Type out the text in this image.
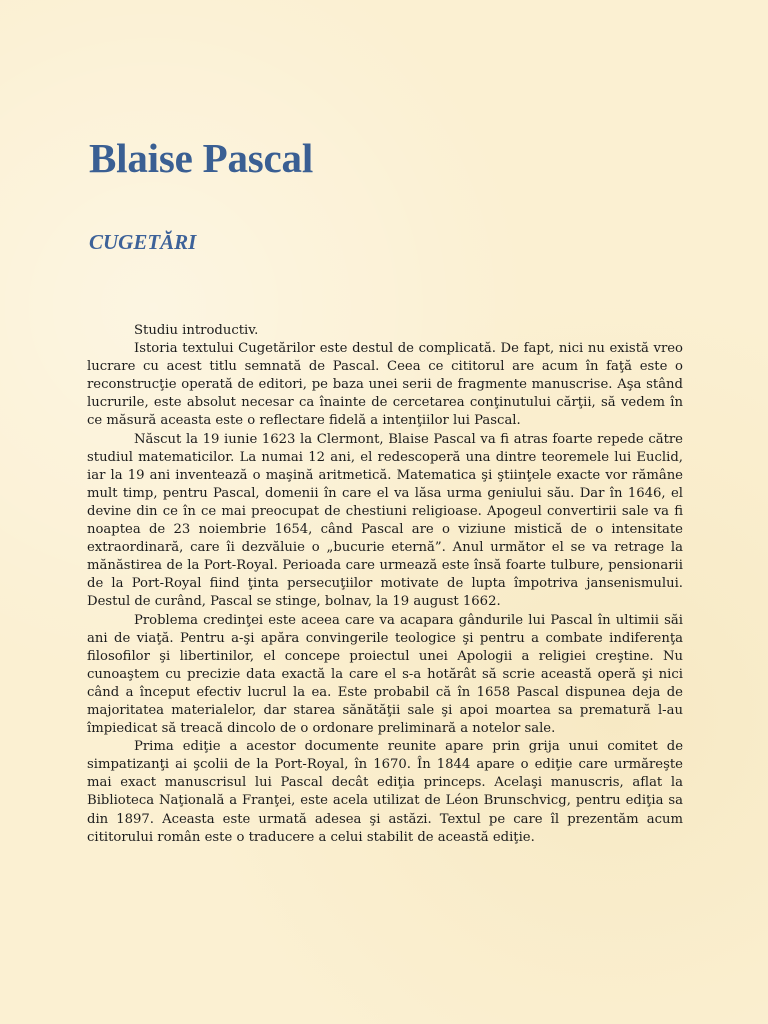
Blaise Pascal
CUGETĂRI

Studiu introductiv.

Istoria textului Cugetărilor este destul de complicată. De fapt, nici nu există vreo lucrare cu acest titlu semnată de Pascal. Ceea ce cititorul are acum în faţă este o reconstrucţie operată de editori, pe baza unei serii de fragmente manuscrise. Aşa stând lucrurile, este absolut necesar ca înainte de cercetarea conţinutului cărţii, să vedem în ce măsură aceasta este o reflectare fidelă a intenţiilor lui Pascal.

Născut la 19 iunie 1623 la Clermont, Blaise Pascal va fi atras foarte repede către studiul matematicilor. La numai 12 ani, el redescoperă una dintre teoremele lui Euclid, iar la 19 ani inventează o maşină aritmetică. Matematica şi ştiinţele exacte vor rămâne mult timp, pentru Pascal, domenii în care el va lăsa urma geniului său. Dar în 1646, el devine din ce în ce mai preocupat de chestiuni religioase. Apogeul convertirii sale va fi noaptea de 23 noiembrie 1654, când Pascal are o viziune mistică de o intensitate extraordinară, care îi dezvăluie o „bucurie eternă”. Anul următor el se va retrage la mănăstirea de la Port-Royal. Perioada care urmează este însă foarte tulbure, pensionarii de la Port-Royal fiind ţinta persecuţiilor motivate de lupta împotriva jansenismului. Destul de curând, Pascal se stinge, bolnav, la 19 august 1662.

Problema credinţei este aceea care va acapara gândurile lui Pascal în ultimii săi ani de viaţă. Pentru a-şi apăra convingerile teologice şi pentru a combate indiferenţa filosofilor şi libertinilor, el concepe proiectul unei Apologii a religiei creştine. Nu cunoaştem cu precizie data exactă la care el s-a hotărât să scrie această operă şi nici când a început efectiv lucrul la ea. Este probabil că în 1658 Pascal dispunea deja de majoritatea materialelor, dar starea sănătăţii sale şi apoi moartea sa prematură l-au împiedicat să treacă dincolo de o ordonare preliminară a notelor sale.

Prima ediţie a acestor documente reunite apare prin grija unui comitet de simpatizanţi ai şcolii de la Port-Royal, în 1670. În 1844 apare o ediţie care urmăreşte mai exact manuscrisul lui Pascal decât ediţia princeps. Acelaşi manuscris, aflat la Biblioteca Naţională a Franţei, este acela utilizat de Léon Brunschvicg, pentru ediţia sa din 1897. Aceasta este urmată adesea şi astăzi. Textul pe care îl prezentăm acum cititorului român este o traducere a celui stabilit de această ediţie.
